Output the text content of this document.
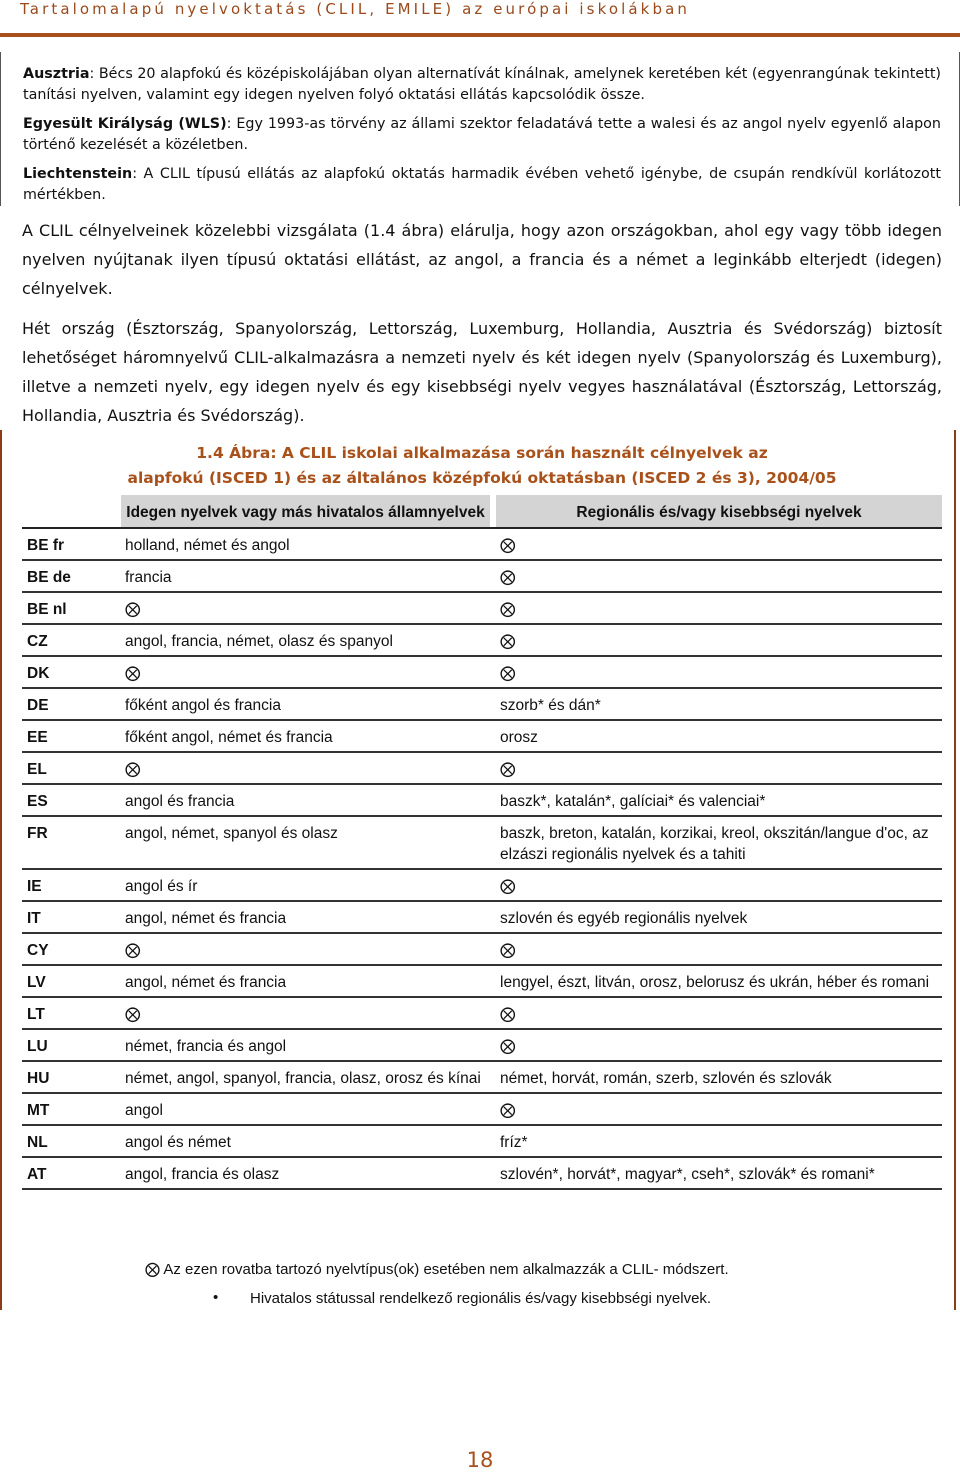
Tartalomalapú nyelvoktatás (CLIL, EMILE) az európai iskolákban

Ausztria: Bécs 20 alapfokú és középiskolájában olyan alternatívát kínálnak, amelynek keretében két (egyenrangúnak tekintett) tanítási nyelven, valamint egy idegen nyelven folyó oktatási ellátás kapcsolódik össze.

Egyesült Királyság (WLS): Egy 1993-as törvény az állami szektor feladatává tette a walesi és az angol nyelv egyenlő alapon történő kezelését a közéletben.

Liechtenstein: A CLIL típusú ellátás az alapfokú oktatás harmadik évében vehető igénybe, de csupán rendkívül korlátozott mértékben.

A CLIL célnyelveinek közelebbi vizsgálata (1.4 ábra) elárulja, hogy azon országokban, ahol egy vagy több idegen nyelven nyújtanak ilyen típusú oktatási ellátást, az angol, a francia és a német a leginkább elterjedt (idegen) célnyelvek.

Hét ország (Észtország, Spanyolország, Lettország, Luxemburg, Hollandia, Ausztria és Svédország) biztosít lehetőséget háromnyelvű CLIL-alkalmazásra a nemzeti nyelv és két idegen nyelv (Spanyolország és Luxemburg), illetve a nemzeti nyelv, egy idegen nyelv és egy kisebbségi nyelv vegyes használatával (Észtország, Lettország, Hollandia, Ausztria és Svédország).

1.4 Ábra: A CLIL iskolai alkalmazása során használt célnyelvek az
alapfokú (ISCED 1) és az általános középfokú oktatásban (ISCED 2 és 3), 2004/05
	Idegen nyelvek vagy más hivatalos államnyelvek		Regionális és/vagy kisebbségi nyelvek
BE fr	holland, német és angol		⨂
BE de	francia		⨂
BE nl	⨂		⨂
CZ	angol, francia, német, olasz és spanyol		⨂
DK	⨂		⨂
DE	főként angol és francia		szorb* és dán*
EE	főként angol, német és francia		orosz
EL	⨂		⨂
ES	angol és francia		baszk*, katalán*, galíciai* és valenciai*
FR	angol, német, spanyol és olasz		baszk, breton, katalán, korzikai, kreol, okszitán/langue d'oc, az elzászi regionális nyelvek és a tahiti
IE	angol és ír		⨂
IT	angol, német és francia		szlovén és egyéb regionális nyelvek
CY	⨂		⨂
LV	angol, német és francia		lengyel, észt, litván, orosz, belorusz és ukrán, héber és romani
LT	⨂		⨂
LU	német, francia és angol		⨂
HU	német, angol, spanyol, francia, olasz, orosz és kínai		német, horvát, román, szerb, szlovén és szlovák
MT	angol		⨂
NL	angol és német		fríz*
AT	angol, francia és olasz		szlovén*, horvát*, magyar*, cseh*, szlovák* és romani*
⨂ Az ezen rovatba tartozó nyelvtípus(ok) esetében nem alkalmazzák a CLIL- módszert.
• Hivatalos státussal rendelkező regionális és/vagy kisebbségi nyelvek.
18
